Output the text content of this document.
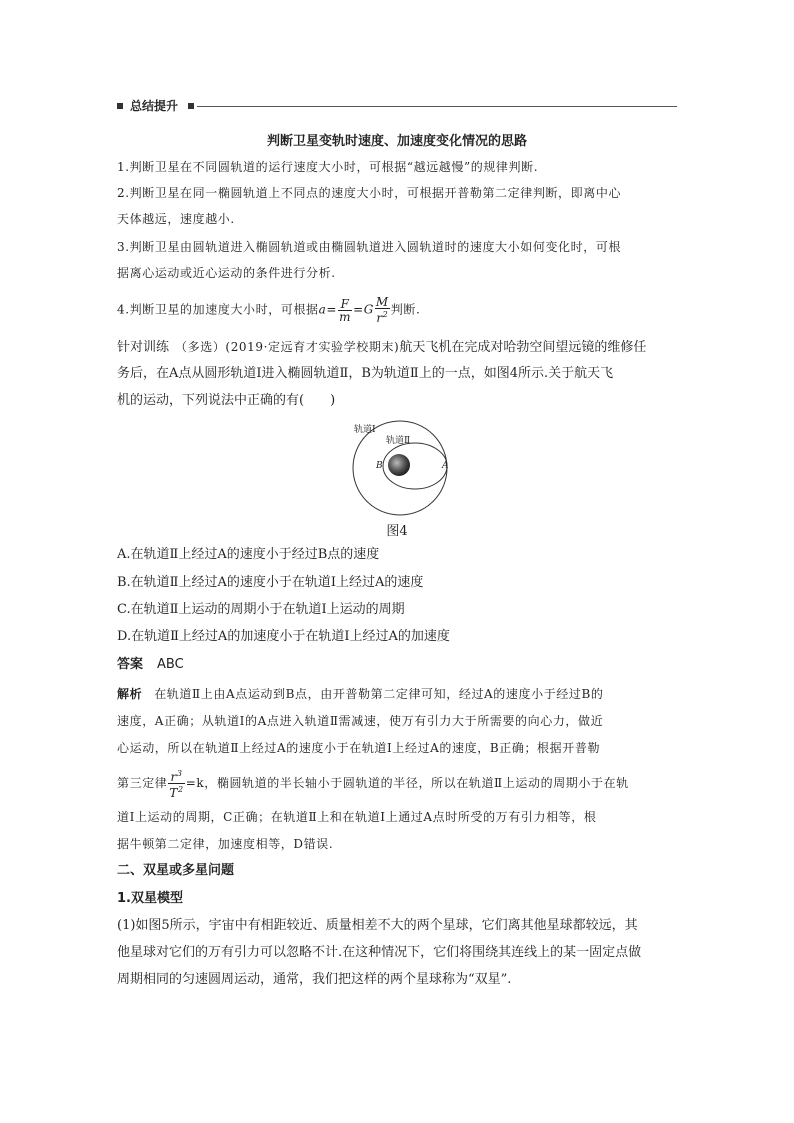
总结提升
判断卫星变轨时速度、加速度变化情况的思路
1.判断卫星在不同圆轨道的运行速度大小时，可根据“越远越慢”的规律判断.
2.判断卫星在同一椭圆轨道上不同点的速度大小时，可根据开普勒第二定律判断，即离中心
天体越远，速度越小.
3.判断卫星由圆轨道进入椭圆轨道或由椭圆轨道进入圆轨道时的速度大小如何变化时，可根
据离心运动或近心运动的条件进行分析.
4.判断卫星的加速度大小时，可根据$a= \frac{F}{m} =G \frac{M}{r^2}$ 判断.
针对训练 （多选）(2019·定远育才实验学校期末)航天飞机在完成对哈勃空间望远镜的维修任
务后，在A点从圆形轨道Ⅰ进入椭圆轨道Ⅱ，B为轨道Ⅱ上的一点，如图4所示.关于航天飞
机的运动，下列说法中正确的有(　　)
轨道Ⅰ
轨道Ⅱ
B	A
图4
A.在轨道Ⅱ上经过A的速度小于经过B点的速度
B.在轨道Ⅱ上经过A的速度小于在轨道Ⅰ上经过A的速度
C.在轨道Ⅱ上运动的周期小于在轨道Ⅰ上运动的周期
D.在轨道Ⅱ上经过A的加速度小于在轨道Ⅰ上经过A的加速度
答案 ABC
解析 在轨道Ⅱ上由A点运动到B点，由开普勒第二定律可知，经过A的速度小于经过B的
速度，A正确；从轨道Ⅰ的A点进入轨道Ⅱ需减速，使万有引力大于所需要的向心力，做近
心运动，所以在轨道Ⅱ上经过A的速度小于在轨道Ⅰ上经过A的速度，B正确；根据开普勒
第三定律 $\frac{r^3}{T^2} =k$，椭圆轨道的半长轴小于圆轨道的半径，所以在轨道Ⅱ上运动的周期小于在轨
道Ⅰ上运动的周期，C正确；在轨道Ⅱ上和在轨道Ⅰ上通过A点时所受的万有引力相等，根
据牛顿第二定律，加速度相等，D错误.
二、双星或多星问题
1.双星模型
(1)如图5所示，宇宙中有相距较近、质量相差不大的两个星球，它们离其他星球都较远，其
他星球对它们的万有引力可以忽略不计.在这种情况下，它们将围绕其连线上的某一固定点做
周期相同的匀速圆周运动，通常，我们把这样的两个星球称为“双星”.
